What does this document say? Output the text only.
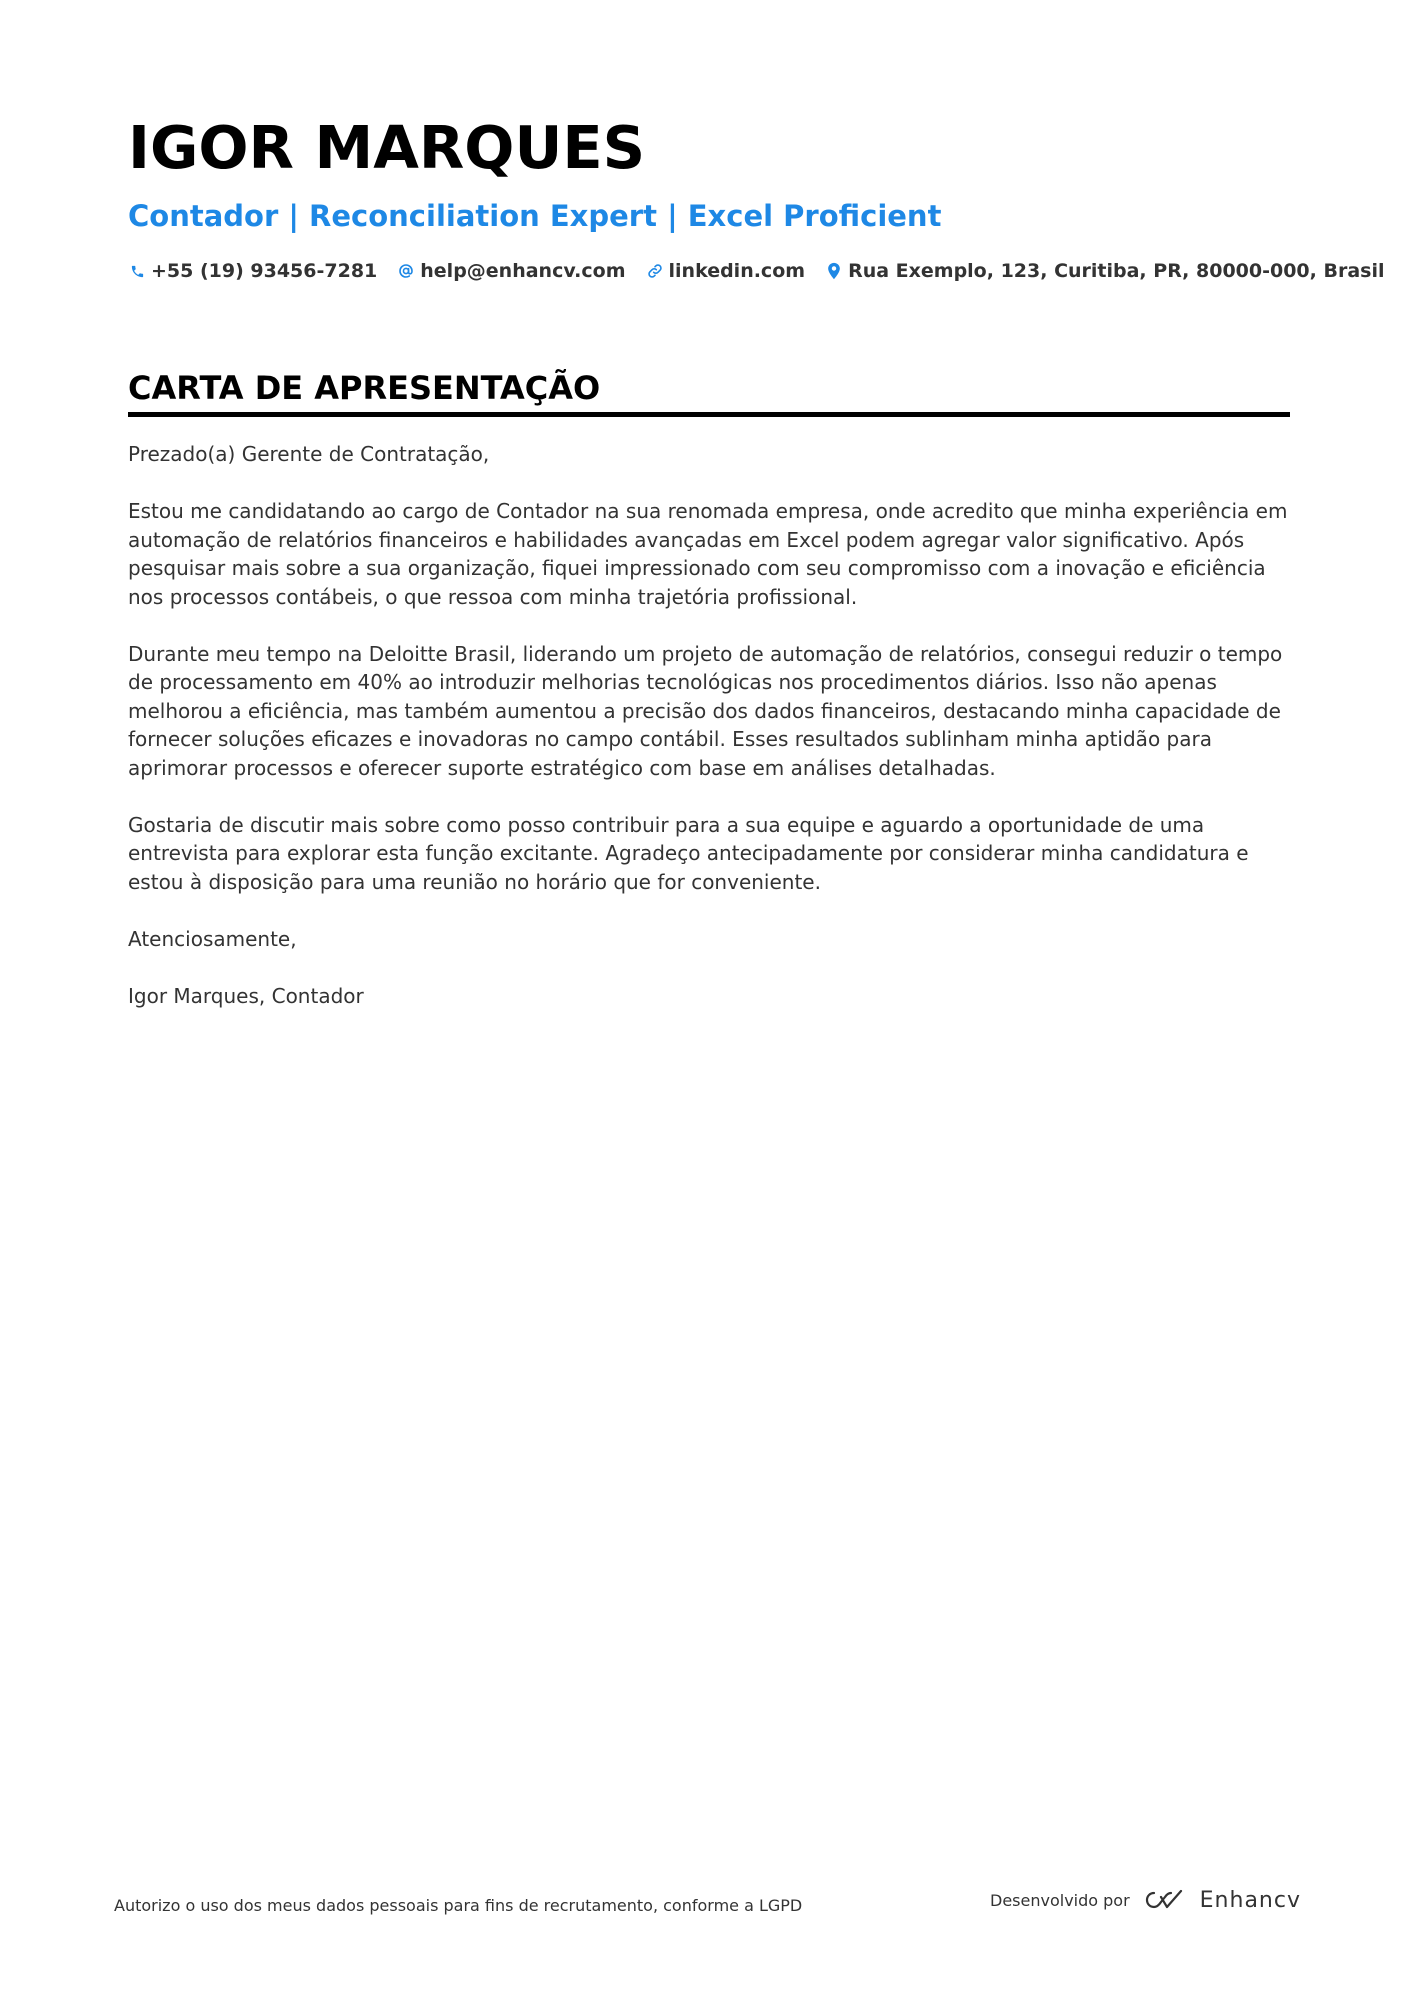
IGOR MARQUES
Contador | Reconciliation Expert | Excel Proficient
+55 (19) 93456-7281 help@enhancv.com linkedin.com Rua Exemplo, 123, Curitiba, PR, 80000-000, Brasil
CARTA DE APRESENTAÇÃO

Prezado(a) Gerente de Contratação,

Estou me candidatando ao cargo de Contador na sua renomada empresa, onde acredito que minha experiência em automação de relatórios financeiros e habilidades avançadas em Excel podem agregar valor significativo. Após pesquisar mais sobre a sua organização, fiquei impressionado com seu compromisso com a inovação e eficiência nos processos contábeis, o que ressoa com minha trajetória profissional.

Durante meu tempo na Deloitte Brasil, liderando um projeto de automação de relatórios, consegui reduzir o tempo de processamento em 40% ao introduzir melhorias tecnológicas nos procedimentos diários. Isso não apenas melhorou a eficiência, mas também aumentou a precisão dos dados financeiros, destacando minha capacidade de fornecer soluções eficazes e inovadoras no campo contábil. Esses resultados sublinham minha aptidão para aprimorar processos e oferecer suporte estratégico com base em análises detalhadas.

Gostaria de discutir mais sobre como posso contribuir para a sua equipe e aguardo a oportunidade de uma entrevista para explorar esta função excitante. Agradeço antecipadamente por considerar minha candidatura e estou à disposição para uma reunião no horário que for conveniente.

Atenciosamente,

Igor Marques, Contador

Autorizo o uso dos meus dados pessoais para fins de recrutamento, conforme a LGPD	Desenvolvido por	Enhancv
